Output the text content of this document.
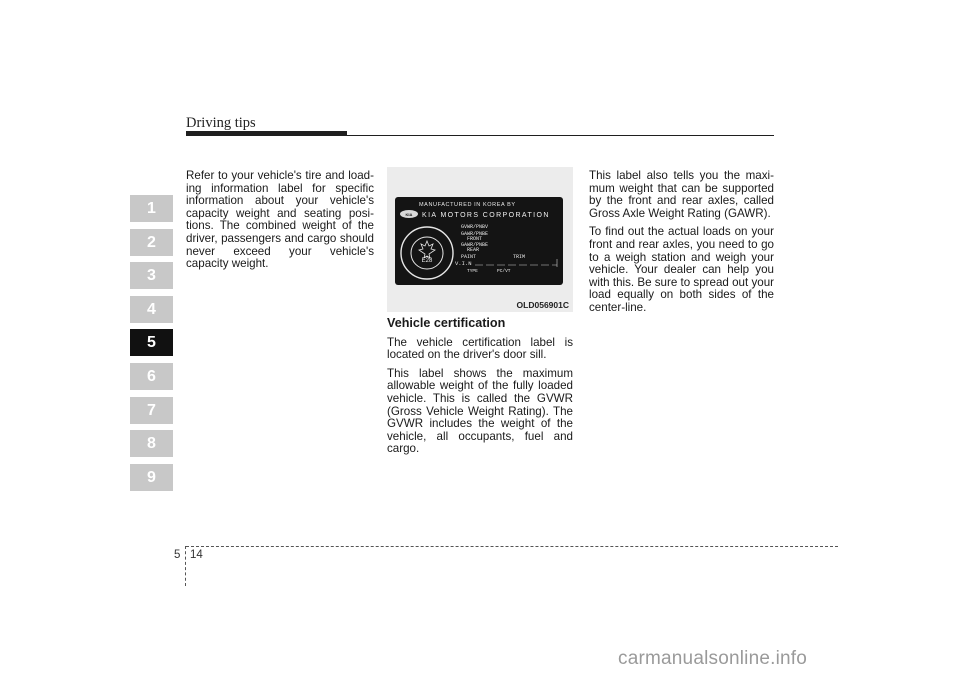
Driving tips
1
2
3
4
5
6
7
8
9

Refer to your vehicle's tire and load-ing information label for specific information about your vehicle's capacity weight and seating posi-tions. The combined weight of the driver, passengers and cargo should never exceed your vehicle's capacity weight.

MANUFACTURED IN KOREA BY
KIA KIA MOTORS CORPORATION
E28
GVWR/PNBV
GAWR/PNBE
FRONT
GAWR/PNBE
REAR
PAINT	TRIM
V.I.N
TYPE	PC/VT
OLD056901C
Vehicle certification

The vehicle certification label is located on the driver's door sill.

This label shows the maximum allowable weight of the fully loaded vehicle. This is called the GVWR (Gross Vehicle Weight Rating). The GVWR includes the weight of the vehicle, all occupants, fuel and cargo.

This label also tells you the maxi-mum weight that can be supported by the front and rear axles, called Gross Axle Weight Rating (GAWR).

To find out the actual loads on your front and rear axles, you need to go to a weigh station and weigh your vehicle. Your dealer can help you with this. Be sure to spread out your load equally on both sides of the center-line.

5 14
carmanualsonline.info
